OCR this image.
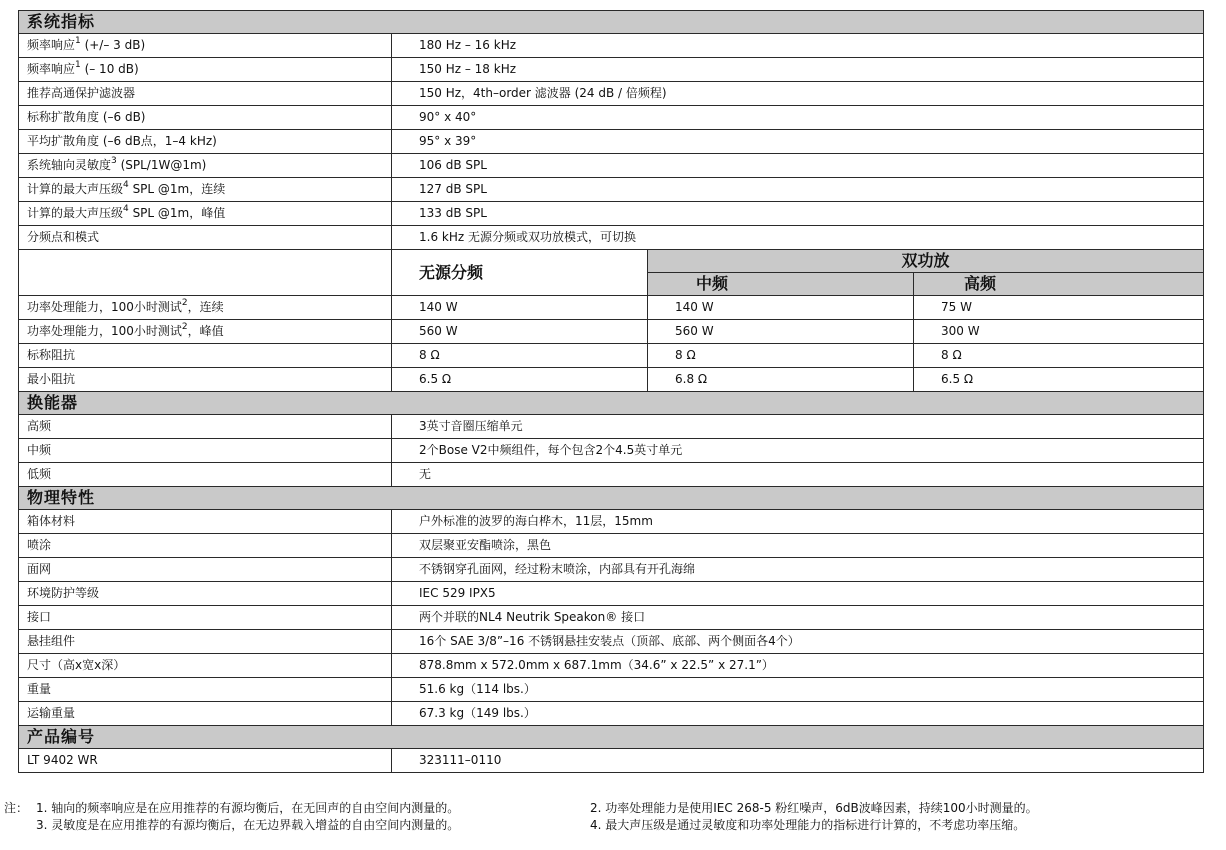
系统指标			
频率响应$^1$ (+/– 3 dB)	180 Hz – 16 kHz		
频率响应$^1$ (– 10 dB)	150 Hz – 18 kHz		
推荐高通保护滤波器	150 Hz，4th–order 滤波器 (24 dB / 倍频程)		
标称扩散角度 (–6 dB)	90° x 40°		
平均扩散角度 (–6 dB点，1–4 kHz)	95° x 39°		
系统轴向灵敏度$^3$ (SPL/1W@1m)	106 dB SPL		
计算的最大声压级$^4$ SPL @1m，连续	127 dB SPL		
计算的最大声压级$^4$ SPL @1m，峰值	133 dB SPL		
分频点和模式	1.6 kHz 无源分频或双功放模式，可切换		
	无源分频	双功放	
		中频	高频
功率处理能力，100小时测试$^2$，连续	140 W	140 W	75 W
功率处理能力，100小时测试$^2$，峰值	560 W	560 W	300 W
标称阻抗	8 Ω	8 Ω	8 Ω
最小阻抗	6.5 Ω	6.8 Ω	6.5 Ω
换能器			
高频	3英寸音圈压缩单元		
中频	2个Bose V2中频组件，每个包含2个4.5英寸单元		
低频	无		
物理特性			
箱体材料	户外标准的波罗的海白桦木，11层，15mm		
喷涂	双层聚亚安酯喷涂，黑色		
面网	不锈钢穿孔面网，经过粉末喷涂，内部具有开孔海绵		
环境防护等级	IEC 529 IPX5		
接口	两个并联的NL4 Neutrik Speakon® 接口		
悬挂组件	16个 SAE 3/8”–16 不锈钢悬挂安装点（顶部、底部、两个侧面各4个）		
尺寸（高x宽x深）	878.8mm x 572.0mm x 687.1mm（34.6” x 22.5” x 27.1”）		
重量	51.6 kg（114 lbs.）		
运输重量	67.3 kg（149 lbs.）		
产品编号			
LT 9402 WR	323111–0110		
注： 1. 轴向的频率响应是在应用推荐的有源均衡后，在无回声的自由空间内测量的。	2. 功率处理能力是使用IEC 268-5 粉红噪声，6dB波峰因素，持续100小时测量的。
3. 灵敏度是在应用推荐的有源均衡后，在无边界载入增益的自由空间内测量的。	4. 最大声压级是通过灵敏度和功率处理能力的指标进行计算的，不考虑功率压缩。
